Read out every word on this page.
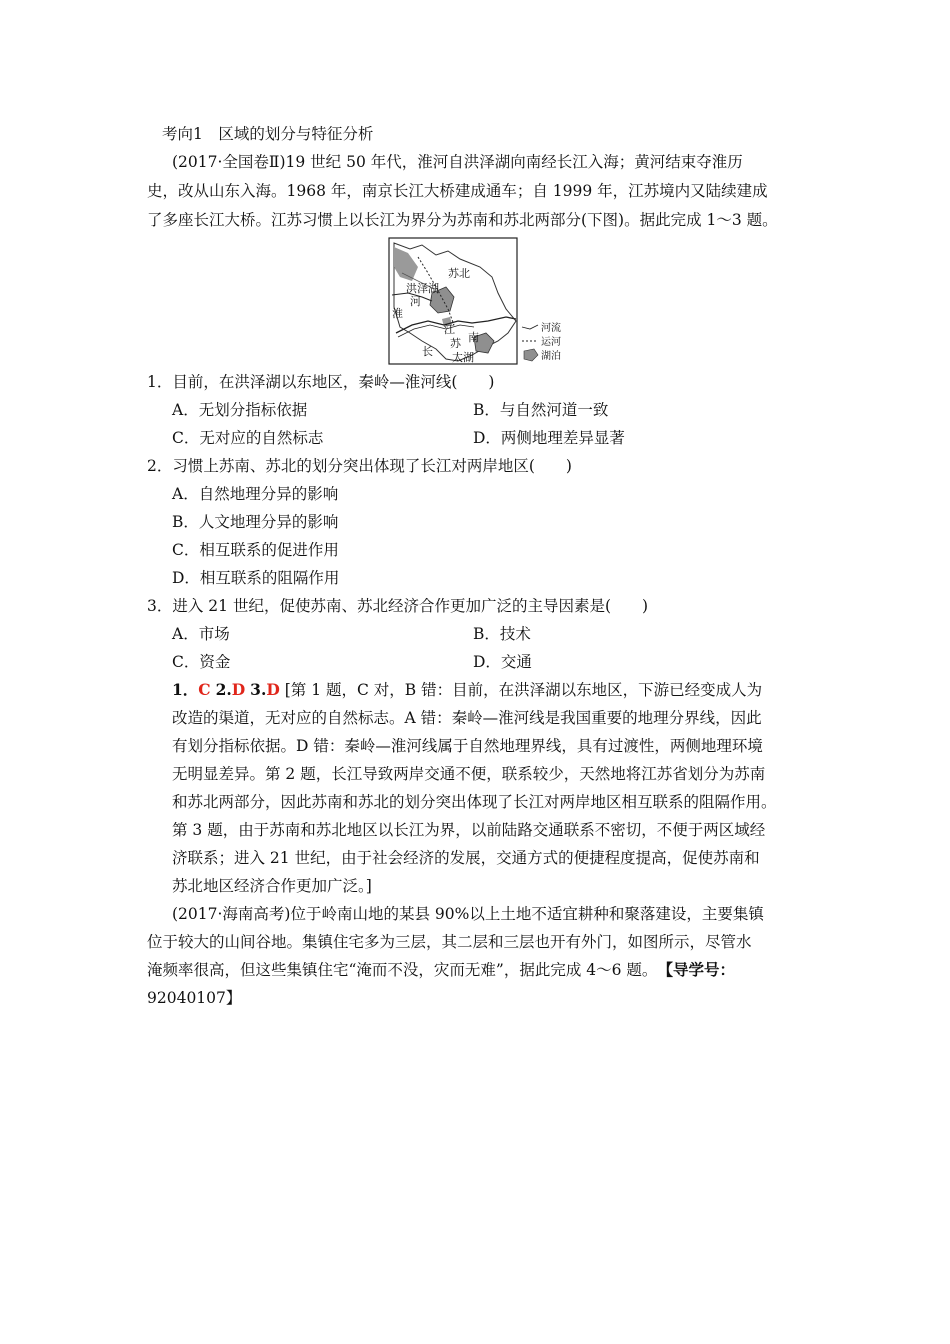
考向1　区域的划分与特征分析
(2017·全国卷Ⅱ)19 世纪 50 年代，淮河自洪泽湖向南经长江入海；黄河结束夺淮历
史，改从山东入海。1968 年，南京长江大桥建成通车；自 1999 年，江苏境内又陆续建成
了多座长江大桥。江苏习惯上以长江为界分为苏南和苏北两部分(下图)。据此完成 1～3 题。
苏北
洪泽 湖
河
淮
江
苏 南
长 太湖
河流
运河
湖泊
1．目前，在洪泽湖以东地区，秦岭—淮河线(　　)
A．无划分指标依据	B．与自然河道一致
C．无对应的自然标志	D．两侧地理差异显著
2．习惯上苏南、苏北的划分突出体现了长江对两岸地区(　　)
A．自然地理分异的影响
B．人文地理分异的影响
C．相互联系的促进作用
D．相互联系的阻隔作用
3．进入 21 世纪，促使苏南、苏北经济合作更加广泛的主导因素是(　　)
A．市场	B．技术
C．资金	D．交通
1．C 2.D 3.D [第 1 题，C 对，B 错：目前，在洪泽湖以东地区，下游已经变成人为
改造的渠道，无对应的自然标志。A 错：秦岭—淮河线是我国重要的地理分界线，因此
有划分指标依据。D 错：秦岭—淮河线属于自然地理界线，具有过渡性，两侧地理环境
无明显差异。第 2 题，长江导致两岸交通不便，联系较少，天然地将江苏省划分为苏南
和苏北两部分，因此苏南和苏北的划分突出体现了长江对两岸地区相互联系的阻隔作用。
第 3 题，由于苏南和苏北地区以长江为界，以前陆路交通联系不密切，不便于两区域经
济联系；进入 21 世纪，由于社会经济的发展，交通方式的便捷程度提高，促使苏南和
苏北地区经济合作更加广泛。]
(2017·海南高考)位于岭南山地的某县 90%以上土地不适宜耕种和聚落建设，主要集镇
位于较大的山间谷地。集镇住宅多为三层，其二层和三层也开有外门，如图所示，尽管水
淹频率很高，但这些集镇住宅“淹而不没，灾而无难”，据此完成 4～6 题。　 【导学号：
92040107】
